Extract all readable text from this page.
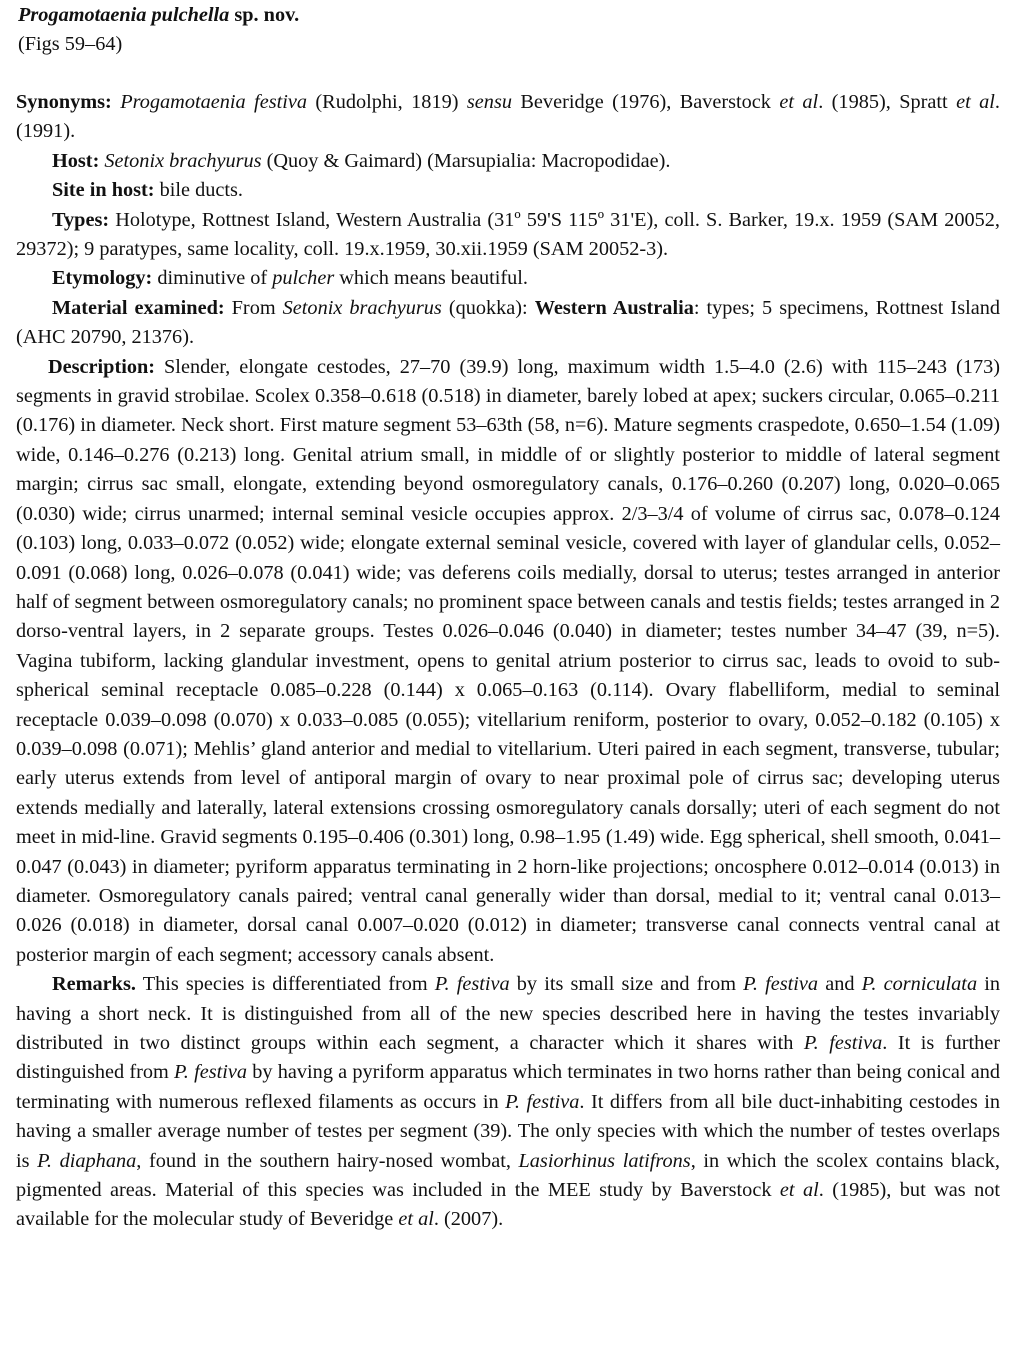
Progamotaenia pulchella sp. nov.
(Figs 59–64)

Synonyms: Progamotaenia festiva (Rudolphi, 1819) sensu Beveridge (1976), Baverstock et al. (1985), Spratt et al. (1991).

Host: Setonix brachyurus (Quoy & Gaimard) (Marsupialia: Macropodidae).

Site in host: bile ducts.

Types: Holotype, Rottnest Island, Western Australia (31º 59'S 115º 31'E), coll. S. Barker, 19.x. 1959 (SAM 20052, 29372); 9 paratypes, same locality, coll. 19.x.1959, 30.xii.1959 (SAM 20052-3).

Etymology: diminutive of pulcher which means beautiful.

Material examined: From Setonix brachyurus (quokka): Western Australia: types; 5 specimens, Rottnest Island (AHC 20790, 21376).

Description: Slender, elongate cestodes, 27–70 (39.9) long, maximum width 1.5–4.0 (2.6) with 115–243 (173) segments in gravid strobilae. Scolex 0.358–0.618 (0.518) in diameter, barely lobed at apex; suckers circular, 0.065–0.211 (0.176) in diameter. Neck short. First mature segment 53–63th (58, n=6). Mature segments craspedote, 0.650–1.54 (1.09) wide, 0.146–0.276 (0.213) long. Genital atrium small, in middle of or slightly posterior to middle of lateral segment margin; cirrus sac small, elongate, extending beyond osmoregulatory canals, 0.176–0.260 (0.207) long, 0.020–0.065 (0.030) wide; cirrus unarmed; internal seminal vesicle occupies approx. 2/3–3/4 of volume of cirrus sac, 0.078–0.124 (0.103) long, 0.033–0.072 (0.052) wide; elongate external seminal vesicle, covered with layer of glandular cells, 0.052–0.091 (0.068) long, 0.026–0.078 (0.041) wide; vas deferens coils medially, dorsal to uterus; testes arranged in anterior half of segment between osmoregulatory canals; no prominent space between canals and testis fields; testes arranged in 2 dorso-ventral layers, in 2 separate groups. Testes 0.026–0.046 (0.040) in diameter; testes number 34–47 (39, n=5). Vagina tubiform, lacking glandular investment, opens to genital atrium posterior to cirrus sac, leads to ovoid to sub-spherical seminal receptacle 0.085–0.228 (0.144) x 0.065–0.163 (0.114). Ovary flabelliform, medial to seminal receptacle 0.039–0.098 (0.070) x 0.033–0.085 (0.055); vitellarium reniform, posterior to ovary, 0.052–0.182 (0.105) x 0.039–0.098 (0.071); Mehlis’ gland anterior and medial to vitellarium. Uteri paired in each segment, transverse, tubular; early uterus extends from level of antiporal margin of ovary to near proximal pole of cirrus sac; developing uterus extends medially and laterally, lateral extensions crossing osmoregulatory canals dorsally; uteri of each segment do not meet in mid-line. Gravid segments 0.195–0.406 (0.301) long, 0.98–1.95 (1.49) wide. Egg spherical, shell smooth, 0.041–0.047 (0.043) in diameter; pyriform apparatus terminating in 2 horn-like projections; oncosphere 0.012–0.014 (0.013) in diameter. Osmoregulatory canals paired; ventral canal generally wider than dorsal, medial to it; ventral canal 0.013–0.026 (0.018) in diameter, dorsal canal 0.007–0.020 (0.012) in diameter; transverse canal connects ventral canal at posterior margin of each segment; accessory canals absent.

Remarks. This species is differentiated from P. festiva by its small size and from P. festiva and P. corniculata in having a short neck. It is distinguished from all of the new species described here in having the testes invariably distributed in two distinct groups within each segment, a character which it shares with P. festiva. It is further distinguished from P. festiva by having a pyriform apparatus which terminates in two horns rather than being conical and terminating with numerous reflexed filaments as occurs in P. festiva. It differs from all bile duct-inhabiting cestodes in having a smaller average number of testes per segment (39). The only species with which the number of testes overlaps is P. diaphana, found in the southern hairy-nosed wombat, Lasiorhinus latifrons, in which the scolex contains black, pigmented areas. Material of this species was included in the MEE study by Baverstock et al. (1985), but was not available for the molecular study of Beveridge et al. (2007).
